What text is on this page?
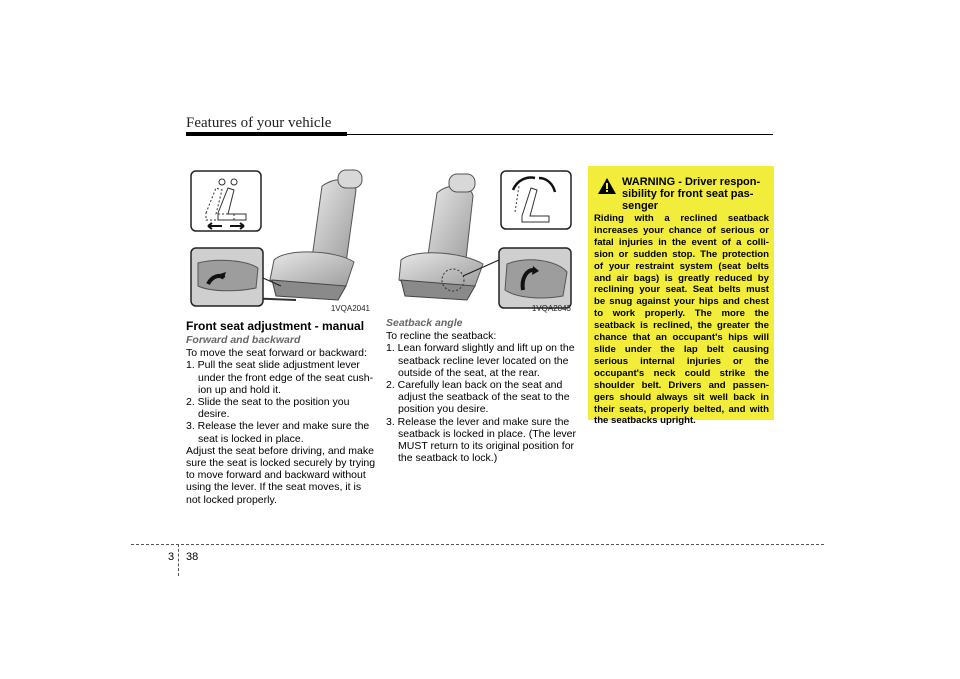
Features of your vehicle
1VQA2041	1VQA2043
Front seat adjustment - manual
Forward and backward

To move the seat forward or backward:

1. Pull the seat slide adjustment lever under the front edge of the seat cush-ion up and hold it.
2. Slide the seat to the position you desire.
3. Release the lever and make sure the seat is locked in place.

Adjust the seat before driving, and make sure the seat is locked securely by trying to move forward and backward without using the lever. If the seat moves, it is not locked properly.

Seatback angle

To recline the seatback:

1. Lean forward slightly and lift up on the seatback recline lever located on the outside of the seat, at the rear.
2. Carefully lean back on the seat and adjust the seatback of the seat to the position you desire.
3. Release the lever and make sure the seatback is locked in place. (The lever MUST return to its original position for the seatback to lock.)
WARNING - Driver respon-sibility for front seat pas-senger
Riding with a reclined seatback increases your chance of serious or fatal injuries in the event of a colli-sion or sudden stop. The protection of your restraint system (seat belts and air bags) is greatly reduced by reclining your seat. Seat belts must be snug against your hips and chest to work properly. The more the seatback is reclined, the greater the chance that an occupant's hips will slide under the lap belt causing serious internal injuries or the occupant's neck could strike the shoulder belt. Drivers and passen-gers should always sit well back in their seats, properly belted, and with the seatbacks upright.
3 38
